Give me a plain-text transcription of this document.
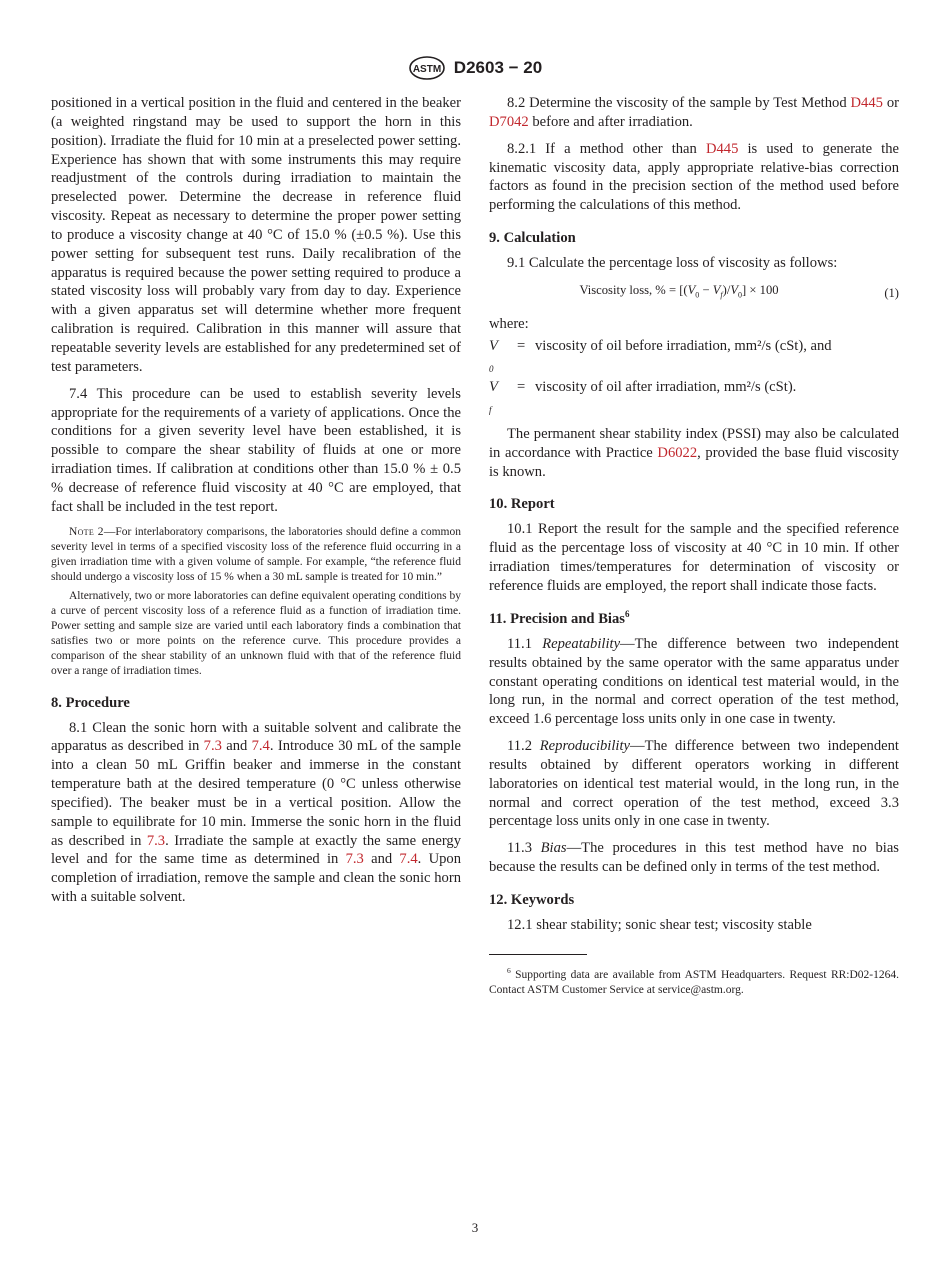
ASTM D2603 − 20

positioned in a vertical position in the fluid and centered in the beaker (a weighted ringstand may be used to support the horn in this position). Irradiate the fluid for 10 min at a preselected power setting. Experience has shown that with some instruments this may require readjustment of the controls during irradiation to maintain the preselected power. Determine the decrease in reference fluid viscosity. Repeat as necessary to determine the proper power setting to produce a viscosity change at 40 °C of 15.0 % (±0.5 %). Use this power setting for subsequent test runs. Daily recalibration of the apparatus is required because the power setting required to produce a stated viscosity loss will probably vary from day to day. Experience with a given apparatus set will determine whether more frequent calibration is required. Calibration in this manner will assure that repeatable severity levels are established for any predetermined set of test parameters.

7.4 This procedure can be used to establish severity levels appropriate for the requirements of a variety of applications. Once the conditions for a given severity level have been established, it is possible to compare the shear stability of fluids at one or more irradiation times. If calibration at conditions other than 15.0 % ± 0.5 % decrease of reference fluid viscosity at 40 °C are employed, that fact shall be included in the test report.

Note 2—For interlaboratory comparisons, the laboratories should define a common severity level in terms of a specified viscosity loss of the reference fluid occurring in a given irradiation time with a given volume of sample. For example, “the reference fluid should undergo a viscosity loss of 15 % when a 30 mL sample is treated for 10 min.”

Alternatively, two or more laboratories can define equivalent operating conditions by a curve of percent viscosity loss of a reference fluid as a function of irradiation time. Power setting and sample size are varied until each laboratory finds a combination that satisfies two or more points on the reference curve. This procedure provides a comparison of the shear stability of an unknown fluid with that of the reference fluid over a range of irradiation times.

8. Procedure

8.1 Clean the sonic horn with a suitable solvent and calibrate the apparatus as described in 7.3 and 7.4. Introduce 30 mL of the sample into a clean 50 mL Griffin beaker and immerse in the constant temperature bath at the desired temperature (0 °C unless otherwise specified). The beaker must be in a vertical position. Allow the sample to equilibrate for 10 min. Immerse the sonic horn in the fluid as described in 7.3. Irradiate the sample at exactly the same energy level and for the same time as determined in 7.3 and 7.4. Upon completion of irradiation, remove the sample and clean the sonic horn with a suitable solvent.

8.2 Determine the viscosity of the sample by Test Method D445 or D7042 before and after irradiation.

8.2.1 If a method other than D445 is used to generate the kinematic viscosity data, apply appropriate relative-bias correction factors as found in the precision section of the method used before performing the calculations of this method.

9. Calculation

9.1 Calculate the percentage loss of viscosity as follows:

Viscosity loss, % = $[(V_0 - V_f)/V_0] \times 100$	(1)

where:

$V_0$	=	viscosity of oil before irradiation, mm²/s (cSt), and
$V_f$	=	viscosity of oil after irradiation, mm²/s (cSt).

The permanent shear stability index (PSSI) may also be calculated in accordance with Practice D6022, provided the base fluid viscosity is known.

10. Report

10.1 Report the result for the sample and the specified reference fluid as the percentage loss of viscosity at 40 °C in 10 min. If other irradiation times/temperatures for determination of viscosity or reference fluids are employed, the report shall indicate those facts.

11. Precision and Bias$^6$

11.1 Repeatability—The difference between two independent results obtained by the same operator with the same apparatus under constant operating conditions on identical test material would, in the long run, in the normal and correct operation of the test method, exceed 1.6 percentage loss units only in one case in twenty.

11.2 Reproducibility—The difference between two independent results obtained by different operators working in different laboratories on identical test material would, in the long run, in the normal and correct operation of the test method, exceed 3.3 percentage loss units only in one case in twenty.

11.3 Bias—The procedures in this test method have no bias because the results can be defined only in terms of the test method.

12. Keywords

12.1 shear stability; sonic shear test; viscosity stable

$^6$ Supporting data are available from ASTM Headquarters. Request RR:D02-1264. Contact ASTM Customer Service at service@astm.org.

3
